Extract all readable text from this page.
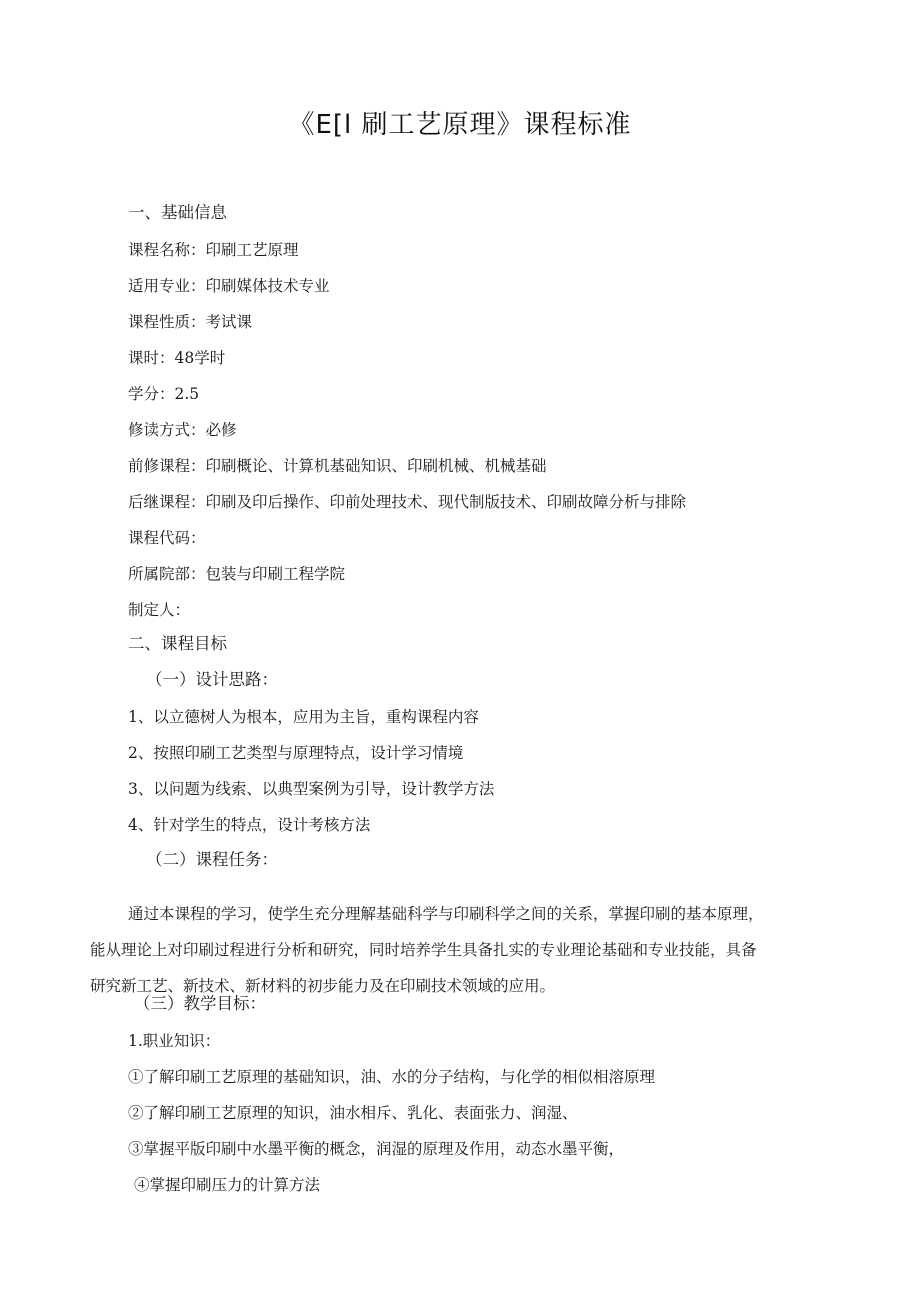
《E[l 刷工艺原理》课程标准

一、基础信息

课程名称：印刷工艺原理

适用专业：印刷媒体技术专业

课程性质：考试课

课时：48学时

学分：2.5

修读方式：必修

前修课程：印刷概论、计算机基础知识、印刷机械、机械基础

后继课程：印刷及印后操作、印前处理技术、现代制版技术、印刷故障分析与排除

课程代码：

所属院部：包装与印刷工程学院

制定人：

二、课程目标

（一）设计思路：

1、以立德树人为根本，应用为主旨，重构课程内容

2、按照印刷工艺类型与原理特点，设计学习情境

3、以问题为线索、以典型案例为引导，设计教学方法

4、针对学生的特点，设计考核方法

（二）课程任务：

通过本课程的学习，使学生充分理解基础科学与印刷科学之间的关系，掌握印刷的基本原理，

能从理论上对印刷过程进行分析和研究，同时培养学生具备扎实的专业理论基础和专业技能，具备

研究新工艺、新技术、新材料的初步能力及在印刷技术领域的应用。

（三）教学目标：

1.职业知识：

①了解印刷工艺原理的基础知识，油、水的分子结构，与化学的相似相溶原理

②了解印刷工艺原理的知识，油水相斥、乳化、表面张力、润湿、

③掌握平版印刷中水墨平衡的概念，润湿的原理及作用，动态水墨平衡，

④掌握印刷压力的计算方法
